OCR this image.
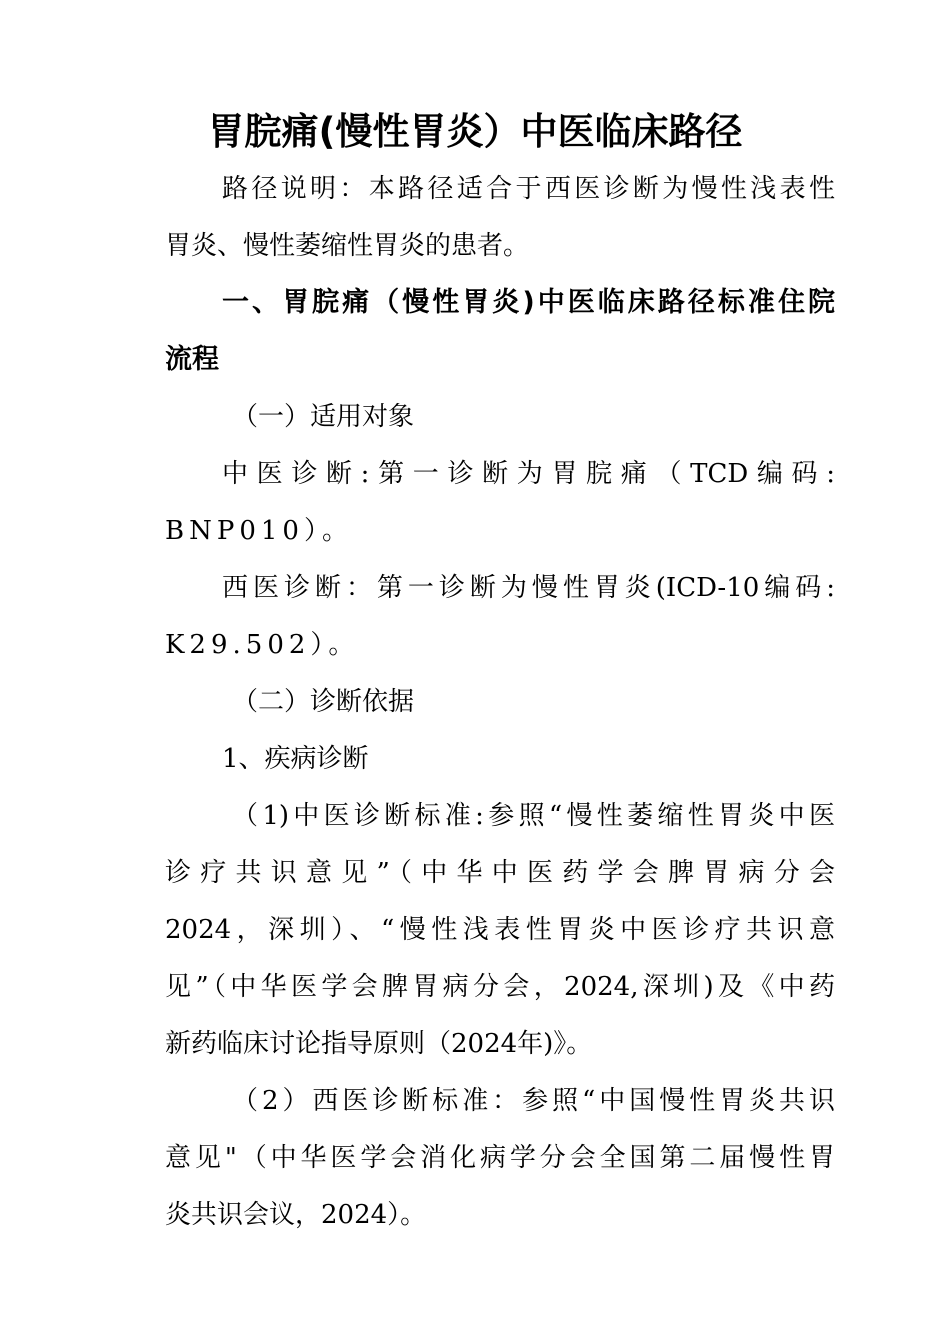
胃脘痛(慢性胃炎）中医临床路径
路径说明：本路径适合于西医诊断为慢性浅表性
胃炎、慢性萎缩性胃炎的患者。
一、胃脘痛（慢性胃炎)中医临床路径标准住院
流程
（一）适用对象
中医诊断:第一诊断为胃脘痛（TCD编码:
BNP010）。
西医诊断：第一诊断为慢性胃炎(ICD-10编码:
K29.502）。
（二）诊断依据
1、疾病诊断
（1)中医诊断标准:参照“慢性萎缩性胃炎中医
诊疗共识意见”（中华中医药学会脾胃病分会
2024，深圳）、“慢性浅表性胃炎中医诊疗共识意
见”（中华医学会脾胃病分会，2024,深圳)及《中药
新药临床讨论指导原则（2024年)》。
（2）西医诊断标准：参照“中国慢性胃炎共识
意见"（中华医学会消化病学分会全国第二届慢性胃
炎共识会议，2024）。
